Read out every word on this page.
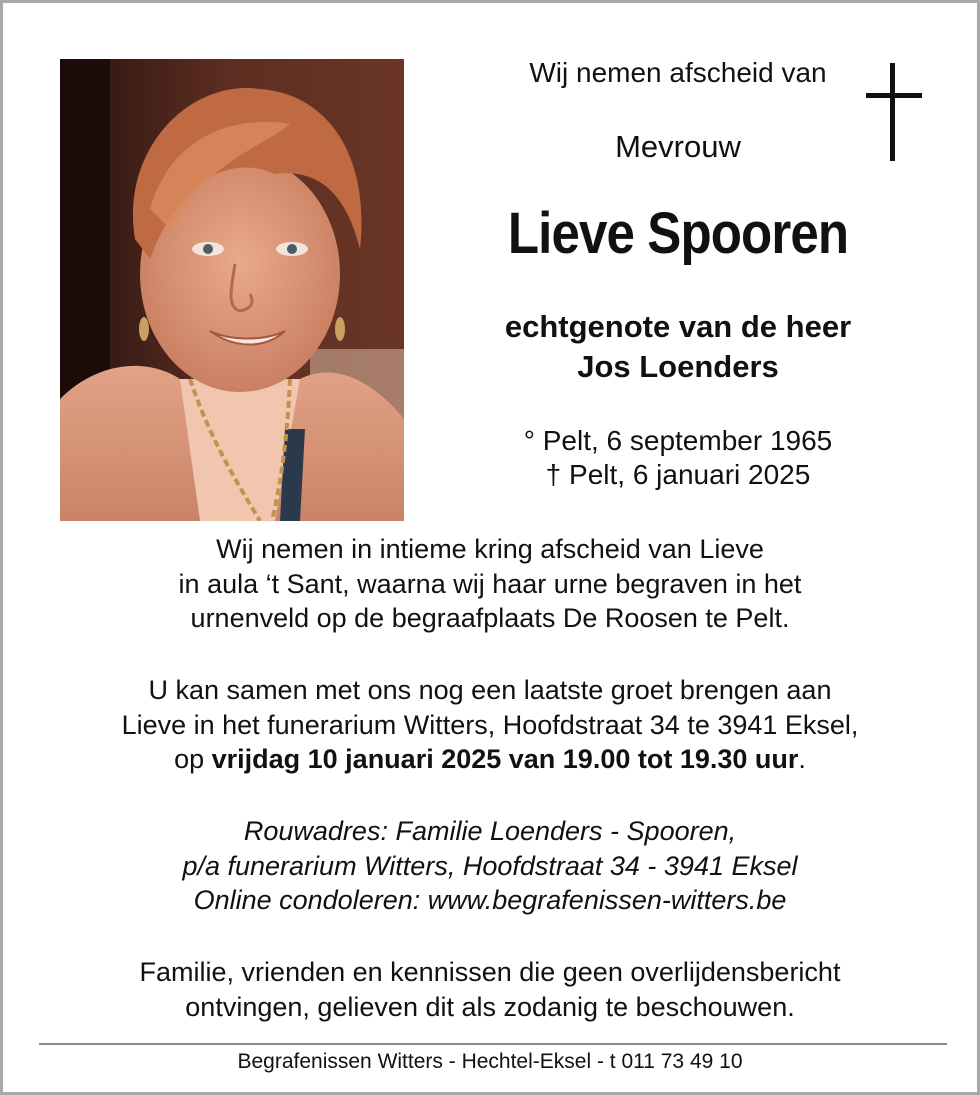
Wij nemen afscheid van
Mevrouw
Lieve Spooren
echtgenote van de heer
Jos Loenders
° Pelt, 6 september 1965
† Pelt, 6 januari 2025
Wij nemen in intieme kring afscheid van Lieve
in aula ‘t Sant, waarna wij haar urne begraven in het
urnenveld op de begraafplaats De Roosen te Pelt.
U kan samen met ons nog een laatste groet brengen aan
Lieve in het funerarium Witters, Hoofdstraat 34 te 3941 Eksel,
op vrijdag 10 januari 2025 van 19.00 tot 19.30 uur.
Rouwadres: Familie Loenders - Spooren,
p/a funerarium Witters, Hoofdstraat 34 - 3941 Eksel
Online condoleren: www.begrafenissen-witters.be
Familie, vrienden en kennissen die geen overlijdensbericht
ontvingen, gelieven dit als zodanig te beschouwen.
Begrafenissen Witters - Hechtel-Eksel - t 011 73 49 10
